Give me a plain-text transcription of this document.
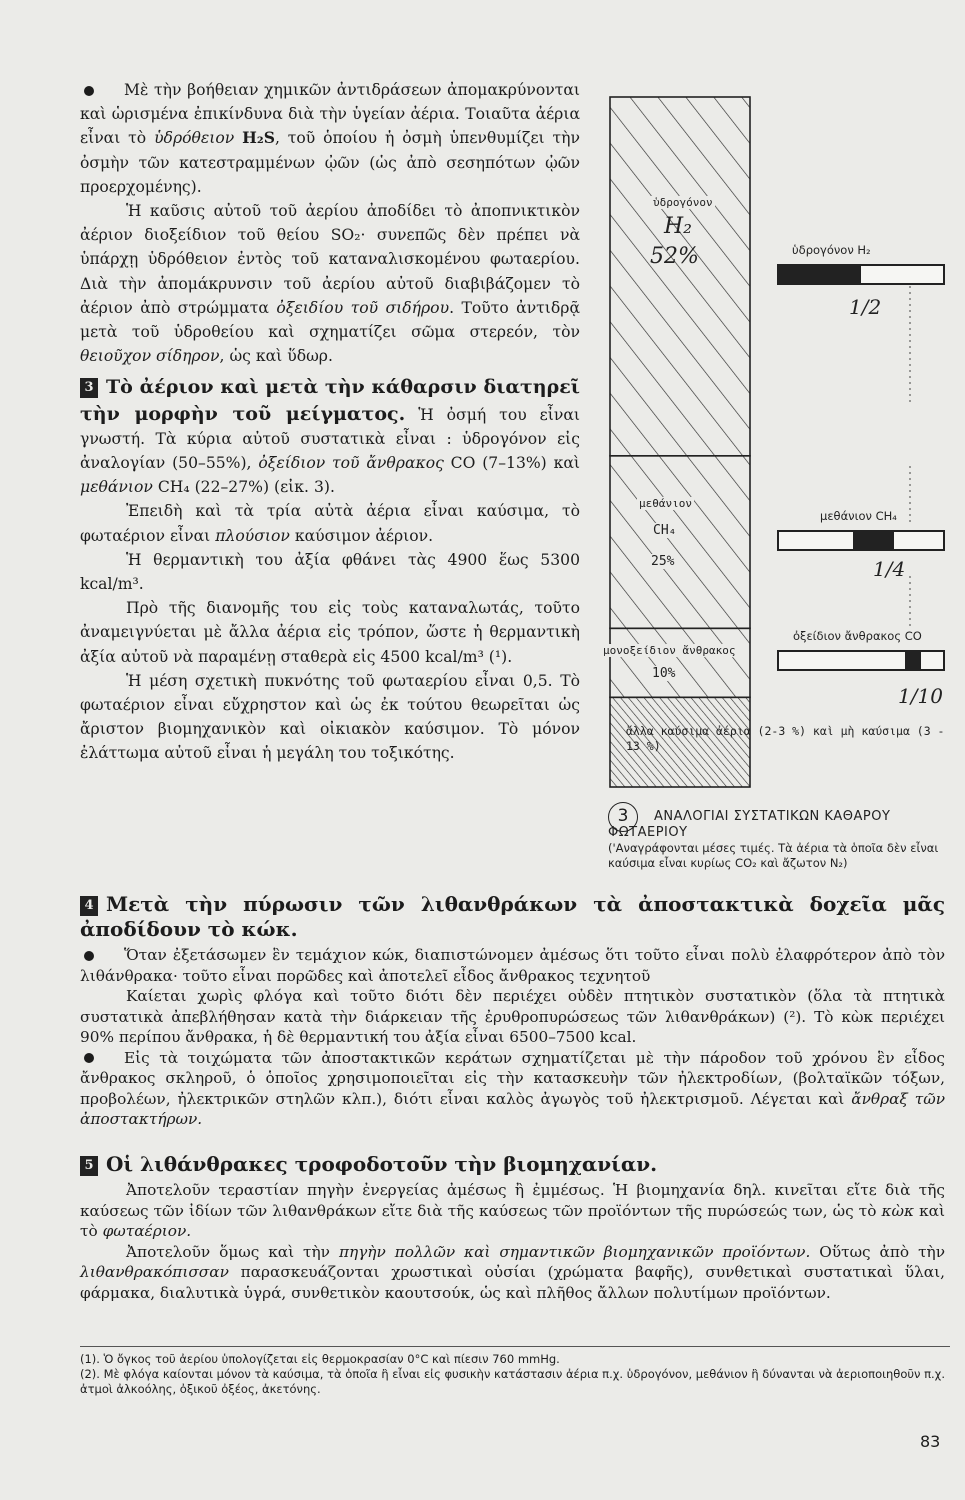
Μὲ τὴν βοήθειαν χημικῶν ἀντιδράσεων ἀπομακρύνονται καὶ ὡρισμένα ἐπικίνδυνα διὰ τὴν ὑγείαν ἀέρια. Τοιαῦτα ἀέρια εἶναι τὸ ὑδρόθειον H₂S, τοῦ ὁποίου ἡ ὀσμὴ ὑπενθυμίζει τὴν ὀσμὴν τῶν κατεστραμμένων ᾠῶν (ὡς ἀπὸ σεσηπότων ᾠῶν προερχομένης).

Ἡ καῦσις αὐτοῦ τοῦ ἀερίου ἀποδίδει τὸ ἀποπνικτικὸν ἀέριον διοξείδιον τοῦ θείου SO₂· συνεπῶς δὲν πρέπει νὰ ὑπάρχῃ ὑδρόθειον ἐντὸς τοῦ καταναλισκομένου φωταερίου. Διὰ τὴν ἀπομάκρυνσιν τοῦ ἀερίου αὐτοῦ διαβιβάζομεν τὸ ἀέριον ἀπὸ στρώμματα ὀξειδίου τοῦ σιδήρου. Τοῦτο ἀντιδρᾷ μετὰ τοῦ ὑδροθείου καὶ σχηματίζει σῶμα στερεόν, τὸν θειοῦχον σίδηρον, ὡς καὶ ὕδωρ.

3 Τὸ ἀέριον καὶ μετὰ τὴν κάθαρσιν διατηρεῖ τὴν μορφὴν τοῦ μείγματος. Ἡ ὀσμή του εἶναι γνωστή. Τὰ κύρια αὐτοῦ συστατικὰ εἶναι : ὑδρογόνον εἰς ἀναλογίαν (50–55%), ὀξείδιον τοῦ ἄνθρακος CO (7–13%) καὶ μεθάνιον CH₄ (22–27%) (εἰκ. 3).

Ἐπειδὴ καὶ τὰ τρία αὐτὰ ἀέρια εἶναι καύσιμα, τὸ φωταέριον εἶναι πλούσιον καύσιμον ἀέριον.

Ἡ θερμαντικὴ του ἀξία φθάνει τὰς 4900 ἕως 5300 kcal/m³.

Πρὸ τῆς διανομῆς του εἰς τοὺς καταναλωτάς, τοῦτο ἀναμειγνύεται μὲ ἄλλα ἀέρια εἰς τρόπον, ὥστε ἡ θερμαντικὴ ἀξία αὐτοῦ νὰ παραμένῃ σταθερὰ εἰς 4500 kcal/m³ (¹).

Ἡ μέση σχετικὴ πυκνότης τοῦ φωταερίου εἶναι 0,5. Τὸ φωταέριον εἶναι εὔχρηστον καὶ ὡς ἐκ τούτου θεωρεῖται ὡς ἄριστον βιομηχανικὸν καὶ οἰκιακὸν καύσιμον. Τὸ μόνον ἐλάττωμα αὐτοῦ εἶναι ἡ μεγάλη του τοξικότης.

ὑδρογόνον
H₂
52%
μεθάνιον
CH₄
25%
μονοξείδιον ἄνθρακος
10%
ἄλλα καύσιμα ἀέρια (2-3 %) καὶ μὴ καύσιμα (3 - 13 %)
ὑδρογόνον H₂
1/2
μεθάνιον CH₄
1/4
ὀξείδιον ἄνθρακος CO
1/10
3	ΑΝΑΛΟΓΙΑΙ ΣΥΣΤΑΤΙΚΩΝ ΚΑΘΑΡΟΥ ΦΩΤΑΕΡΙΟΥ
('Αναγράφονται μέσες τιμές. Τὰ ἀέρια τὰ ὁποῖα δὲν εἶναι καύσιμα εἶναι κυρίως CO₂ καὶ ἄζωτον N₂)

4 Μετὰ τὴν πύρωσιν τῶν λιθανθράκων τὰ ἀποστακτικὰ δοχεῖα μᾶς ἀποδίδουν τὸ κώκ.

Ὅταν ἐξετάσωμεν ἓν τεμάχιον κώκ, διαπιστώνομεν ἀμέσως ὅτι τοῦτο εἶναι πολὺ ἐλαφρότερον ἀπὸ τὸν λιθάνθρακα· τοῦτο εἶναι πορῶδες καὶ ἀποτελεῖ εἶδος ἄνθρακος τεχνητοῦ

Καίεται χωρὶς φλόγα καὶ τοῦτο διότι δὲν περιέχει οὐδὲν πτητικὸν συστατικὸν (ὅλα τὰ πτητικὰ συστατικὰ ἀπεβλήθησαν κατὰ τὴν διάρκειαν τῆς ἐρυθροπυρώσεως τῶν λιθανθράκων) (²). Τὸ κὼκ περιέχει 90% περίπου ἄνθρακα, ἡ δὲ θερμαντική του ἀξία εἶναι 6500–7500 kcal.

Εἰς τὰ τοιχώματα τῶν ἀποστακτικῶν κεράτων σχηματίζεται μὲ τὴν πάροδον τοῦ χρόνου ἓν εἶδος ἄνθρακος σκληροῦ, ὁ ὁποῖος χρησιμοποιεῖται εἰς τὴν κατασκευὴν τῶν ἠλεκτροδίων, (βολταϊκῶν τόξων, προβολέων, ἠλεκτρικῶν στηλῶν κλπ.), διότι εἶναι καλὸς ἀγωγὸς τοῦ ἠλεκτρισμοῦ. Λέγεται καὶ ἄνθραξ τῶν ἀποστακτήρων.

5 Οἱ λιθάνθρακες τροφοδοτοῦν τὴν βιομηχανίαν.

Ἀποτελοῦν τεραστίαν πηγὴν ἐνεργείας ἀμέσως ἢ ἐμμέσως. Ἡ βιομηχανία δηλ. κινεῖται εἴτε διὰ τῆς καύσεως τῶν ἰδίων τῶν λιθανθράκων εἴτε διὰ τῆς καύσεως τῶν προϊόντων τῆς πυρώσεώς των, ὡς τὸ κὼκ καὶ τὸ φωταέριον.

Ἀποτελοῦν ὅμως καὶ τὴν πηγὴν πολλῶν καὶ σημαντικῶν βιομηχανικῶν προϊόντων. Οὕτως ἀπὸ τὴν λιθανθρακόπισσαν παρασκευάζονται χρωστικαὶ οὐσίαι (χρώματα βαφῆς), συνθετικαὶ συστατικαὶ ὕλαι, φάρμακα, διαλυτικὰ ὑγρά, συνθετικὸν καουτσούκ, ὡς καὶ πλῆθος ἄλλων πολυτίμων προϊόντων.

(1). Ὁ ὄγκος τοῦ ἀερίου ὑπολογίζεται εἰς θερμοκρασίαν 0°C καὶ πίεσιν 760 mmHg.

(2). Μὲ φλόγα καίονται μόνον τὰ καύσιμα, τὰ ὁποῖα ἢ εἶναι εἰς φυσικὴν κατάστασιν ἀέρια π.χ. ὑδρογόνον, μεθάνιον ἢ δύνανται νὰ ἀεριοποιηθοῦν π.χ. ἀτμοὶ ἀλκοόλης, ὀξικοῦ ὀξέος, ἀκετόνης.

83
